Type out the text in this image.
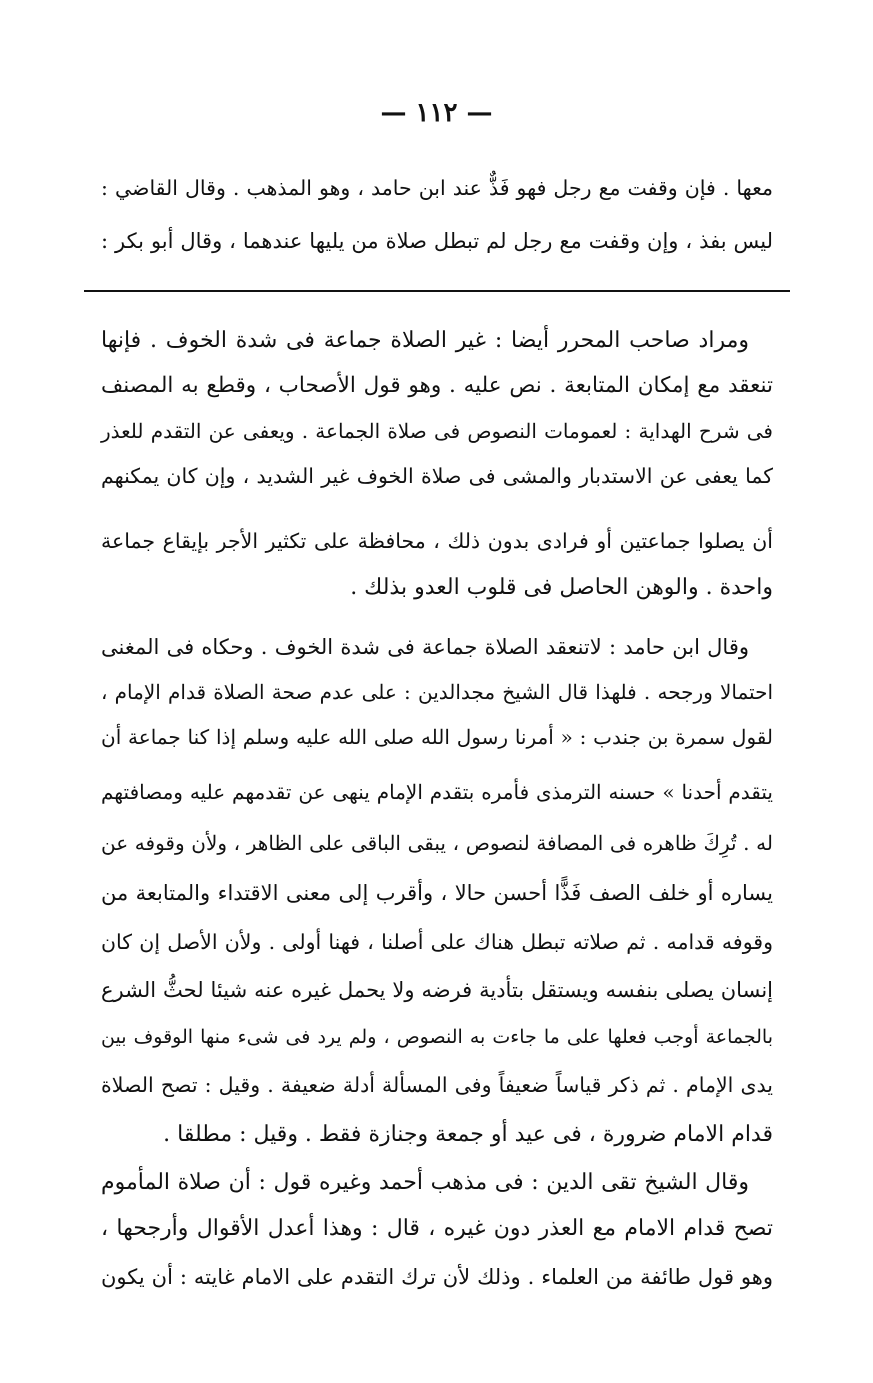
— ١١٢ —
معها . فإن وقفت مع رجل فهو فَذٌّ عند ابن حامد ، وهو المذهب . وقال القاضي :
ليس بفذ ، وإن وقفت مع رجل لم تبطل صلاة من يليها عندهما ، وقال أبو بكر :
ومراد صاحب المحرر أيضا : غير الصلاة جماعة فى شدة الخوف . فإنها
تنعقد مع إمكان المتابعة . نص عليه . وهو قول الأصحاب ، وقطع به المصنف
فى شرح الهداية : لعمومات النصوص فى صلاة الجماعة . ويعفى عن التقدم للعذر
كما يعفى عن الاستدبار والمشى فى صلاة الخوف غير الشديد ، وإن كان يمكنهم
أن يصلوا جماعتين أو فرادى بدون ذلك ، محافظة على تكثير الأجر بإيقاع جماعة
واحدة . والوهن الحاصل فى قلوب العدو بذلك .
وقال ابن حامد : لاتنعقد الصلاة جماعة فى شدة الخوف . وحكاه فى المغنى
احتمالا ورجحه . فلهذا قال الشيخ مجدالدين : على عدم صحة الصلاة قدام الإمام ،
لقول سمرة بن جندب : « أمرنا رسول الله صلى الله عليه وسلم إذا كنا جماعة أن
يتقدم أحدنا » حسنه الترمذى فأمره بتقدم الإمام ينهى عن تقدمهم عليه ومصافتهم
له . تُرِكَ ظاهره فى المصافة لنصوص ، يبقى الباقى على الظاهر ، ولأن وقوفه عن
يساره أو خلف الصف فَذًّا أحسن حالا ، وأقرب إلى معنى الاقتداء والمتابعة من
وقوفه قدامه . ثم صلاته تبطل هناك على أصلنا ، فهنا أولى . ولأن الأصل إن كان
إنسان يصلى بنفسه ويستقل بتأدية فرضه ولا يحمل غيره عنه شيئا لحثُّ الشرع
بالجماعة أوجب فعلها على ما جاءت به النصوص ، ولم يرد فى شىء منها الوقوف بين
يدى الإمام . ثم ذكر قياساً ضعيفاً وفى المسألة أدلة ضعيفة . وقيل : تصح الصلاة
قدام الامام ضرورة ، فى عيد أو جمعة وجنازة فقط . وقيل : مطلقا .
وقال الشيخ تقى الدين : فى مذهب أحمد وغيره قول : أن صلاة المأموم
تصح قدام الامام مع العذر دون غيره ، قال : وهذا أعدل الأقوال وأرجحها ،
وهو قول طائفة من العلماء . وذلك لأن ترك التقدم على الامام غايته : أن يكون
